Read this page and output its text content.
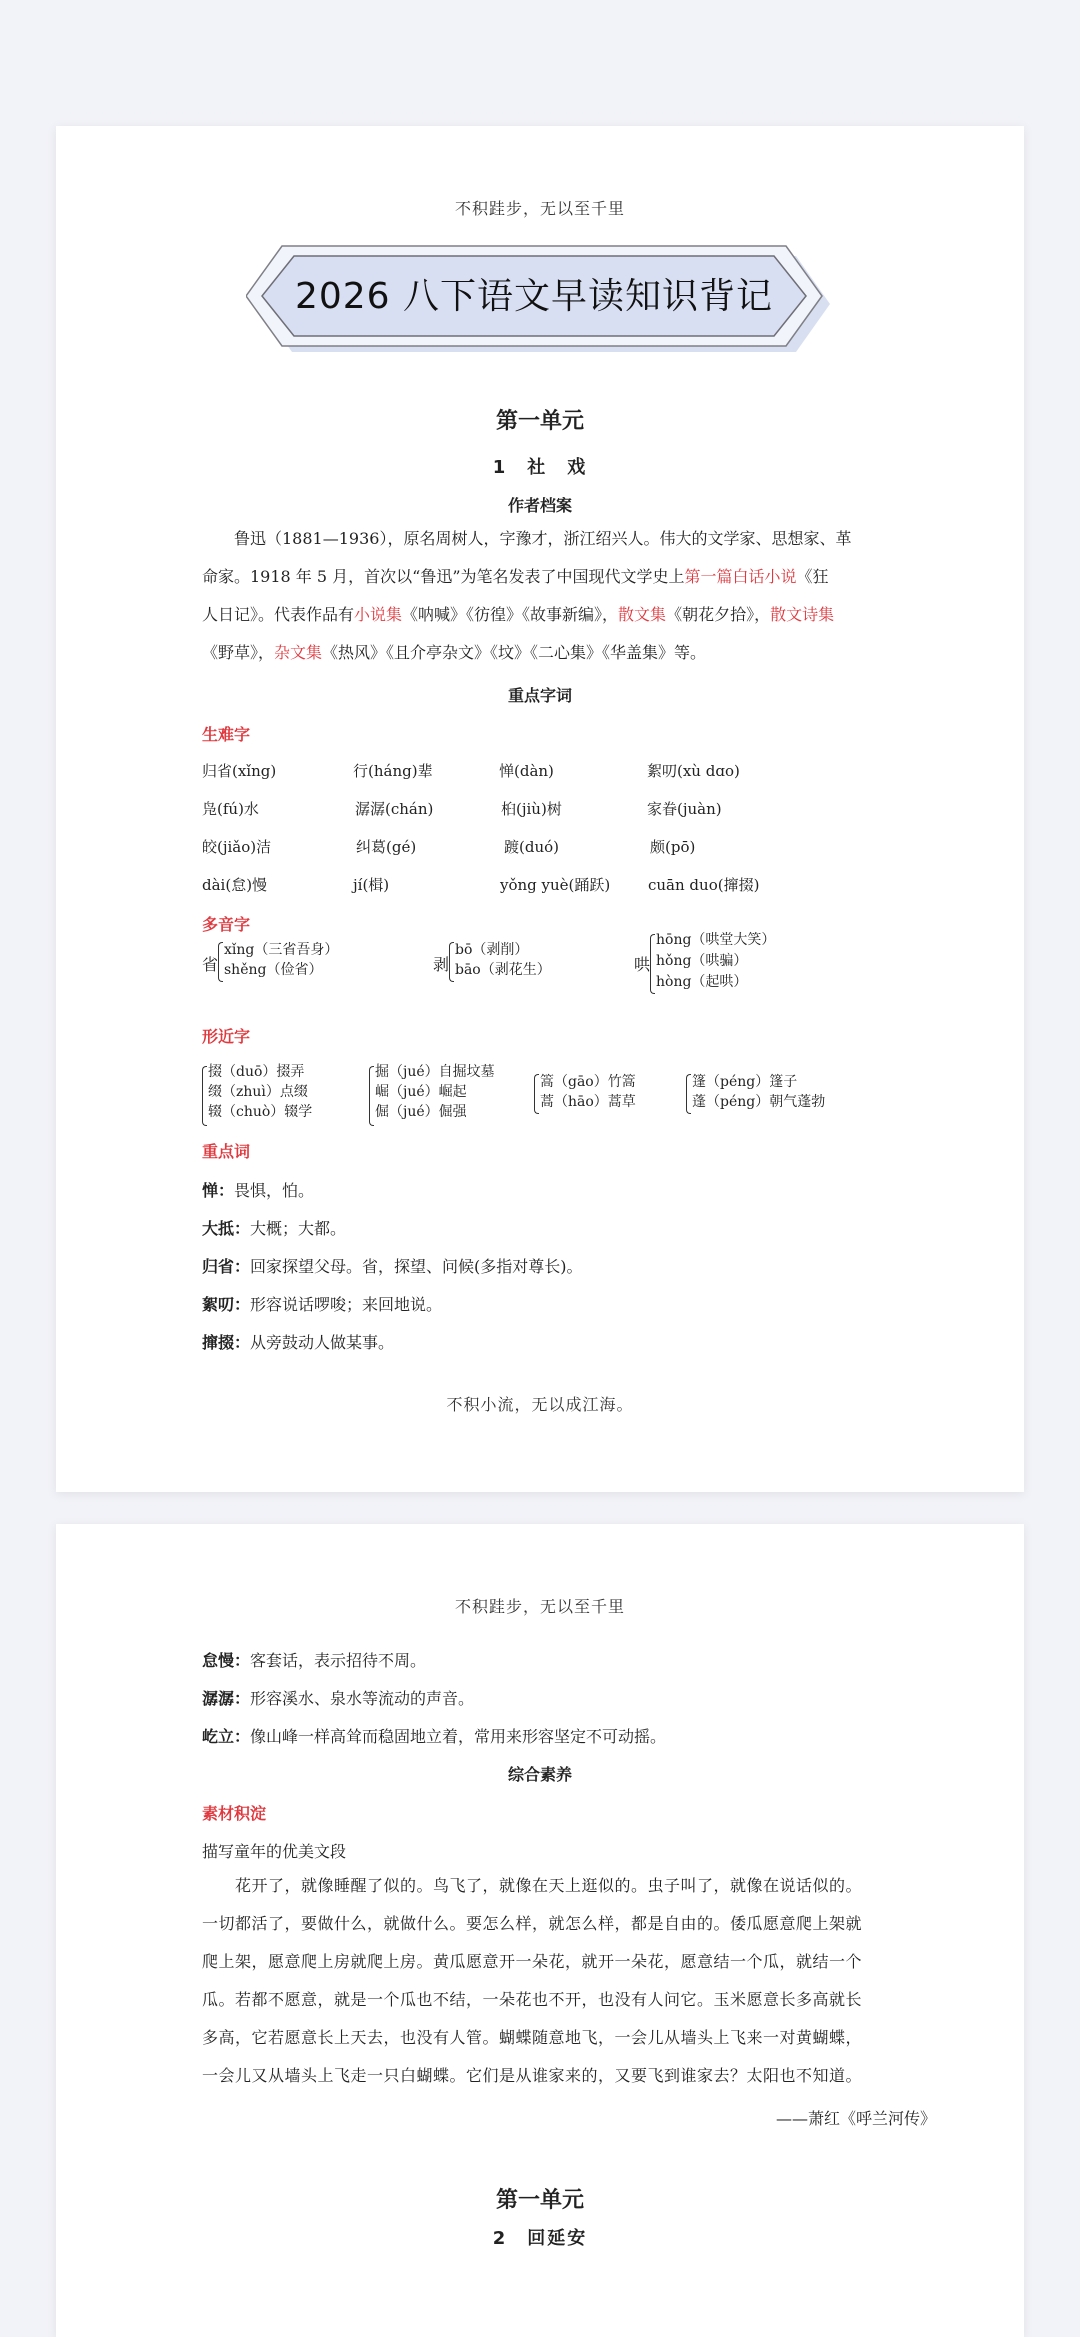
不积跬步，无以至千里
2026 八下语文早读知识背记
第一单元
1　社　戏
作者档案
　　鲁迅（1881—1936），原名周树人，字豫才，浙江绍兴人。伟大的文学家、思想家、革
命家。1918 年 5 月，首次以“鲁迅”为笔名发表了中国现代文学史上第一篇白话小说《狂
人日记》。代表作品有小说集《呐喊》《彷徨》《故事新编》，散文集《朝花夕拾》，散文诗集
《野草》，杂文集《热风》《且介亭杂文》《坟》《二心集》《华盖集》等。
重点字词
生难字
归省(xǐng)	行(háng)辈	惮(dàn)	絮叨(xù dɑo)
凫(fú)水	潺潺(chán)	桕(jiù)树	家眷(juàn)
皎(jiǎo)洁	纠葛(gé)	踱(duó)	颇(pō)
dài(怠)慢	jí(楫)	yǒng yuè(踊跃)	cuān duo(撺掇)
多音字
省
xǐng（三省吾身）
shěng（俭省）	剥
bō（剥削）
bāo（剥花生）	哄
hōng（哄堂大笑）
hǒng（哄骗）
hòng（起哄）
形近字
掇（duō）掇弄
缀（zhuì）点缀
辍（chuò）辍学
掘（jué）自掘坟墓
崛（jué）崛起
倔（jué）倔强
篙（gāo）竹篙
蒿（hāo）蒿草
篷（péng）篷子
蓬（péng）朝气蓬勃
重点词
惮：畏惧，怕。
大抵：大概；大都。
归省：回家探望父母。省，探望、问候(多指对尊长)。
絮叨：形容说话啰唆；来回地说。
撺掇：从旁鼓动人做某事。
不积小流，无以成江海。
不积跬步，无以至千里
怠慢：客套话，表示招待不周。
潺潺：形容溪水、泉水等流动的声音。
屹立：像山峰一样高耸而稳固地立着，常用来形容坚定不可动摇。
综合素养
素材积淀
描写童年的优美文段
　　花开了，就像睡醒了似的。鸟飞了，就像在天上逛似的。虫子叫了，就像在说话似的。
一切都活了，要做什么，就做什么。要怎么样，就怎么样，都是自由的。倭瓜愿意爬上架就
爬上架，愿意爬上房就爬上房。黄瓜愿意开一朵花，就开一朵花，愿意结一个瓜，就结一个
瓜。若都不愿意，就是一个瓜也不结，一朵花也不开，也没有人问它。玉米愿意长多高就长
多高，它若愿意长上天去，也没有人管。蝴蝶随意地飞，一会儿从墙头上飞来一对黄蝴蝶，
一会儿又从墙头上飞走一只白蝴蝶。它们是从谁家来的，又要飞到谁家去？太阳也不知道。
——萧红《呼兰河传》
第一单元
2　回延安
